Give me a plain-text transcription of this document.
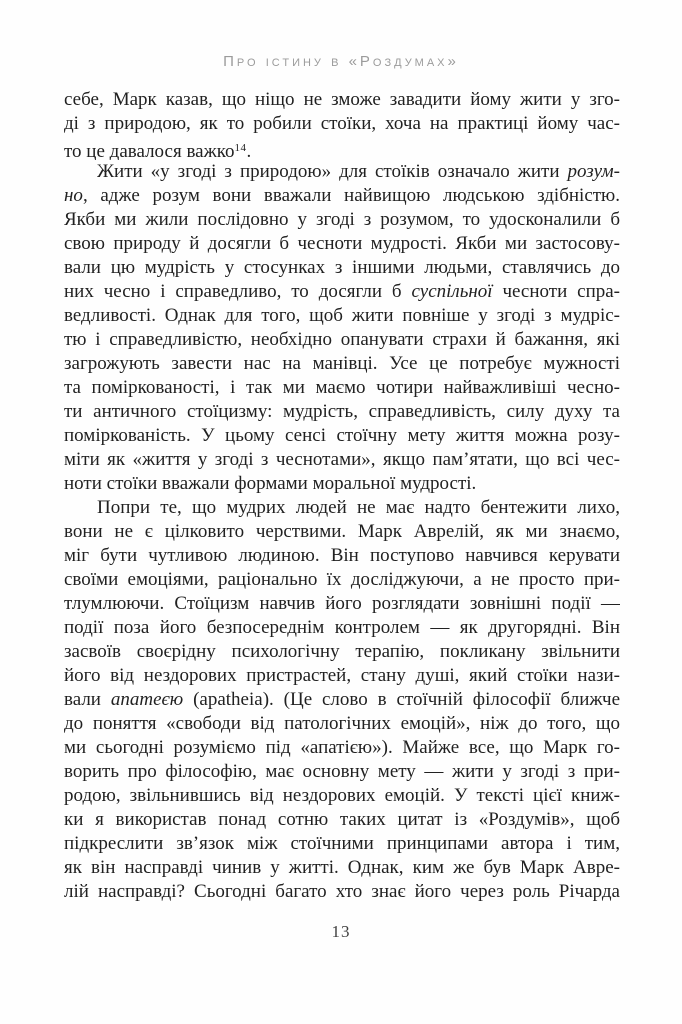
Про істину в «Роздумах»
себе, Марк казав, що ніщо не зможе завадити йому жити у зго-
ді з природою, як то робили стоїки, хоча на практиці йому час-
то це давалося важко$^{14}$.
Жити «у згоді з природою» для стоїків означало жити розум-
но, адже розум вони вважали найвищою людською здібністю.
Якби ми жили послідовно у згоді з розумом, то удосконалили б
свою природу й досягли б чесноти мудрості. Якби ми застосову-
вали цю мудрість у стосунках з іншими людьми, ставлячись до
них чесно і справедливо, то досягли б суспільної чесноти спра-
ведливості. Однак для того, щоб жити повніше у згоді з мудріс-
тю і справедливістю, необхідно опанувати страхи й бажання, які
загрожують завести нас на манівці. Усе це потребує мужності
та поміркованості, і так ми маємо чотири найважливіші чесно-
ти античного стоїцизму: мудрість, справедливість, силу духу та
поміркованість. У цьому сенсі стоїчну мету життя можна розу-
міти як «життя у згоді з чеснотами», якщо пам’ятати, що всі чес-
ноти стоїки вважали формами моральної мудрості.
Попри те, що мудрих людей не має надто бентежити лихо,
вони не є цілковито черствими. Марк Аврелій, як ми знаємо,
міг бути чутливою людиною. Він поступово навчився керувати
своїми емоціями, раціонально їх досліджуючи, а не просто при-
тлумлюючи. Стоїцизм навчив його розглядати зовнішні події —
події поза його безпосереднім контролем — як другорядні. Він
засвоїв своєрідну психологічну терапію, покликану звільнити
його від нездорових пристрастей, стану душі, який стоїки нази-
вали апатеєю (apatheia). (Це слово в стоїчній філософії ближче
до поняття «свободи від патологічних емоцій», ніж до того, що
ми сьогодні розуміємо під «апатією»). Майже все, що Марк го-
ворить про філософію, має основну мету — жити у згоді з при-
родою, звільнившись від нездорових емоцій. У тексті цієї книж-
ки я використав понад сотню таких цитат із «Роздумів», щоб
підкреслити зв’язок між стоїчними принципами автора і тим,
як він насправді чинив у житті. Однак, ким же був Марк Авре-
лій насправді? Сьогодні багато хто знає його через роль Річарда
13
